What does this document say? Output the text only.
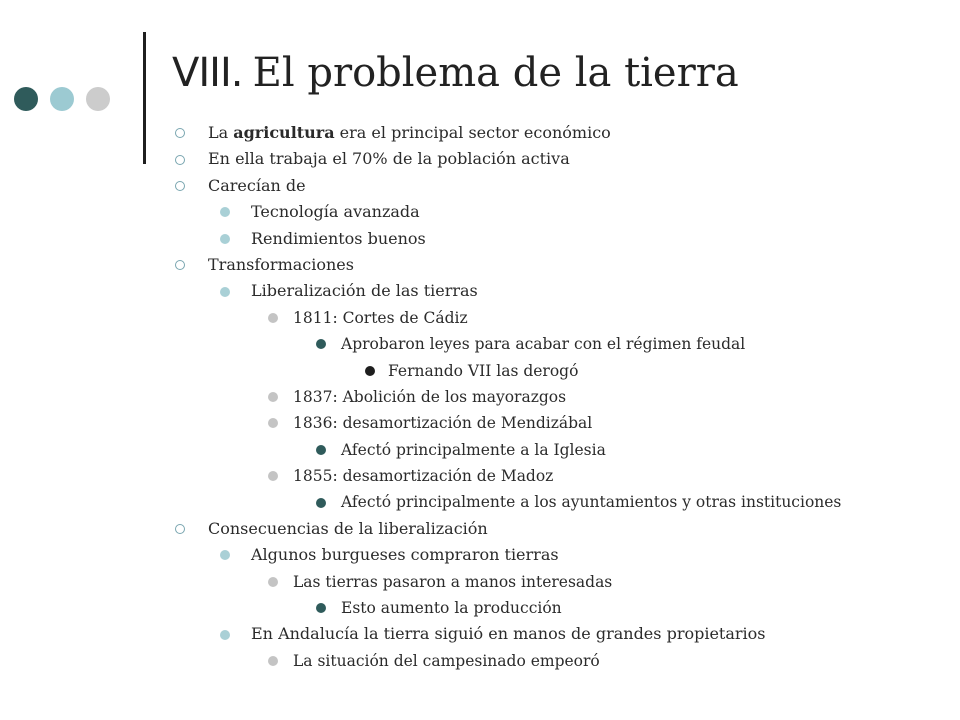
VIII. El problema de la tierra
La agricultura era el principal sector económico
En ella trabaja el 70% de la población activa
Carecían de
Tecnología avanzada
Rendimientos buenos
Transformaciones
Liberalización de las tierras
1811: Cortes de Cádiz
Aprobaron leyes para acabar con el régimen feudal
Fernando VII las derogó
1837: Abolición de los mayorazgos
1836: desamortización de Mendizábal
Afectó principalmente a la Iglesia
1855: desamortización de Madoz
Afectó principalmente a los ayuntamientos y otras instituciones
Consecuencias de la liberalización
Algunos burgueses compraron tierras
Las tierras pasaron a manos interesadas
Esto aumento la producción
En Andalucía la tierra siguió en manos de grandes propietarios
La situación del campesinado empeoró
